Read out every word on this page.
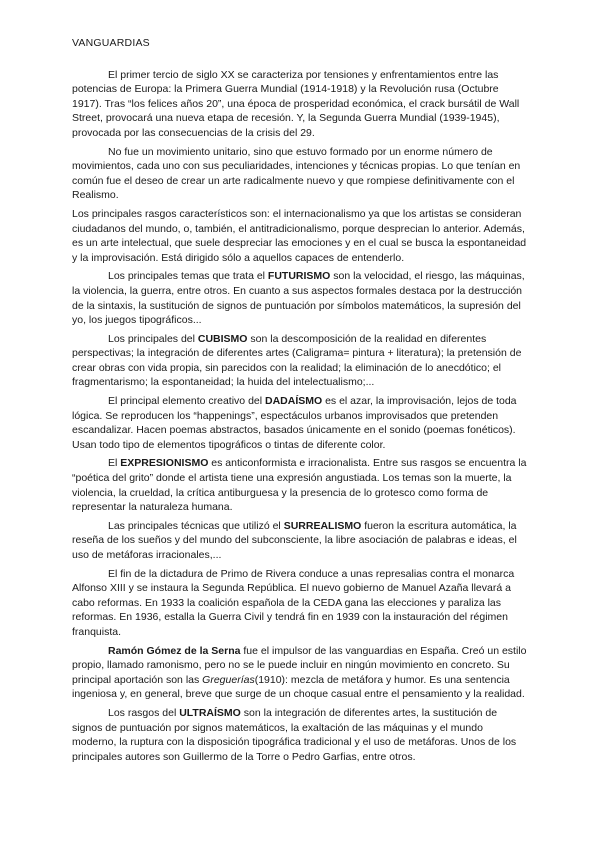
VANGUARDIAS

El primer tercio de siglo XX se caracteriza por tensiones y enfrentamientos entre las potencias de Europa: la Primera Guerra Mundial (1914-1918) y la Revolución rusa (Octubre 1917). Tras “los felices años 20”, una época de prosperidad económica, el crack bursátil de Wall Street, provocará una nueva etapa de recesión. Y, la Segunda Guerra Mundial (1939-1945), provocada por las consecuencias de la crisis del 29.

No fue un movimiento unitario, sino que estuvo formado por un enorme número de movimientos, cada uno con sus peculiaridades, intenciones y técnicas propias. Lo que tenían en común fue el deseo de crear un arte radicalmente nuevo y que rompiese definitivamente con el Realismo.

Los principales rasgos característicos son: el internacionalismo ya que los artistas se consideran ciudadanos del mundo, o, también, el antitradicionalismo, porque desprecian lo anterior. Además, es un arte intelectual, que suele despreciar las emociones y en el cual se busca la espontaneidad y la improvisación. Está dirigido sólo a aquellos capaces de entenderlo.

Los principales temas que trata el FUTURISMO son la velocidad, el riesgo, las máquinas, la violencia, la guerra, entre otros. En cuanto a sus aspectos formales destaca por la destrucción de la sintaxis, la sustitución de signos de puntuación por símbolos matemáticos, la supresión del yo, los juegos tipográficos...

Los principales del CUBISMO son la descomposición de la realidad en diferentes perspectivas; la integración de diferentes artes (Caligrama= pintura + literatura); la pretensión de crear obras con vida propia, sin parecidos con la realidad; la eliminación de lo anecdótico; el fragmentarismo; la espontaneidad; la huida del intelectualismo;...

El principal elemento creativo del DADAÍSMO es el azar, la improvisación, lejos de toda lógica. Se reproducen los “happenings”, espectáculos urbanos improvisados que pretenden escandalizar. Hacen poemas abstractos, basados únicamente en el sonido (poemas fonéticos). Usan todo tipo de elementos tipográficos o tintas de diferente color.

El EXPRESIONISMO es anticonformista e irracionalista. Entre sus rasgos se encuentra la “poética del grito” donde el artista tiene una expresión angustiada. Los temas son la muerte, la violencia, la crueldad, la crítica antiburguesa y la presencia de lo grotesco como forma de representar la naturaleza humana.

Las principales técnicas que utilizó el SURREALISMO fueron la escritura automática, la reseña de los sueños y del mundo del subconsciente, la libre asociación de palabras e ideas, el uso de metáforas irracionales,...

El fin de la dictadura de Primo de Rivera conduce a unas represalias contra el monarca Alfonso XIII y se instaura la Segunda República. El nuevo gobierno de Manuel Azaña llevará a cabo reformas. En 1933 la coalición española de la CEDA gana las elecciones y paraliza las reformas. En 1936, estalla la Guerra Civil y tendrá fin en 1939 con la instauración del régimen franquista.

Ramón Gómez de la Serna fue el impulsor de las vanguardias en España. Creó un estilo propio, llamado ramonismo, pero no se le puede incluir en ningún movimiento en concreto. Su principal aportación son las Greguerías(1910): mezcla de metáfora y humor. Es una sentencia ingeniosa y, en general, breve que surge de un choque casual entre el pensamiento y la realidad.

Los rasgos del ULTRAÍSMO son la integración de diferentes artes, la sustitución de signos de puntuación por signos matemáticos, la exaltación de las máquinas y el mundo moderno, la ruptura con la disposición tipográfica tradicional y el uso de metáforas. Unos de los principales autores son Guillermo de la Torre o Pedro Garfias, entre otros.
